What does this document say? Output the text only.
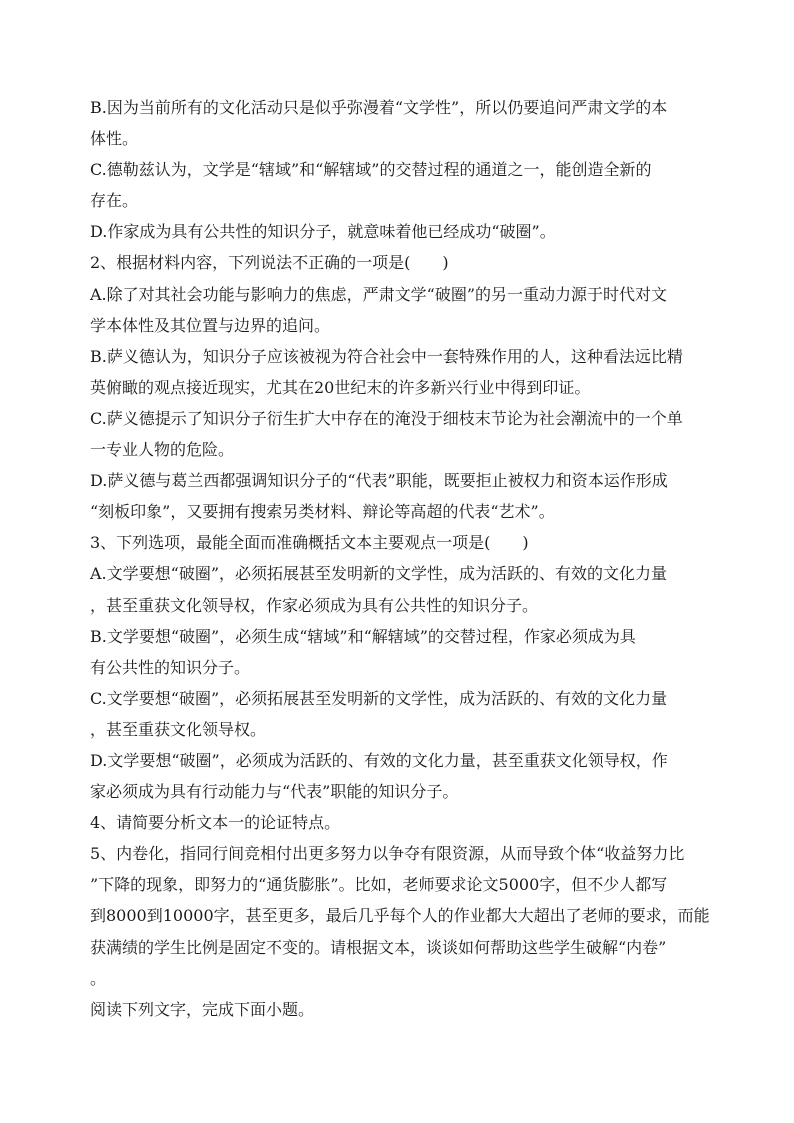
B.因为当前所有的文化活动只是似乎弥漫着“文学性”，所以仍要追问严肃文学的本
体性。
C.德勒兹认为，文学是“辖域”和“解辖域”的交替过程的通道之一，能创造全新的
存在。
D.作家成为具有公共性的知识分子，就意味着他已经成功“破圈”。
2、根据材料内容，下列说法不正确的一项是(　　)
A.除了对其社会功能与影响力的焦虑，严肃文学“破圈”的另一重动力源于时代对文
学本体性及其位置与边界的追问。
B.萨义德认为，知识分子应该被视为符合社会中一套特殊作用的人，这种看法远比精
英俯瞰的观点接近现实，尤其在20世纪末的许多新兴行业中得到印证。
C.萨义德提示了知识分子衍生扩大中存在的淹没于细枝末节论为社会潮流中的一个单
一专业人物的危险。
D.萨义德与葛兰西都强调知识分子的“代表”职能，既要拒止被权力和资本运作形成
“刻板印象”，又要拥有搜索另类材料、辩论等高超的代表“艺术”。
3、下列选项，最能全面而准确概括文本主要观点一项是(　　)
A.文学要想“破圈”，必须拓展甚至发明新的文学性，成为活跃的、有效的文化力量
，甚至重获文化领导权，作家必须成为具有公共性的知识分子。
B.文学要想“破圈”，必须生成“辖域”和“解辖域”的交替过程，作家必须成为具
有公共性的知识分子。
C.文学要想“破圈”，必须拓展甚至发明新的文学性，成为活跃的、有效的文化力量
，甚至重获文化领导权。
D.文学要想“破圈”，必须成为活跃的、有效的文化力量，甚至重获文化领导权，作
家必须成为具有行动能力与“代表”职能的知识分子。
4、请简要分析文本一的论证特点。
5、内卷化，指同行间竞相付出更多努力以争夺有限资源，从而导致个体“收益努力比
”下降的现象，即努力的“通货膨胀”。比如，老师要求论文5000字，但不少人都写
到8000到10000字，甚至更多，最后几乎每个人的作业都大大超出了老师的要求，而能
获满绩的学生比例是固定不变的。请根据文本，谈谈如何帮助这些学生破解“内卷”
。
阅读下列文字，完成下面小题。
